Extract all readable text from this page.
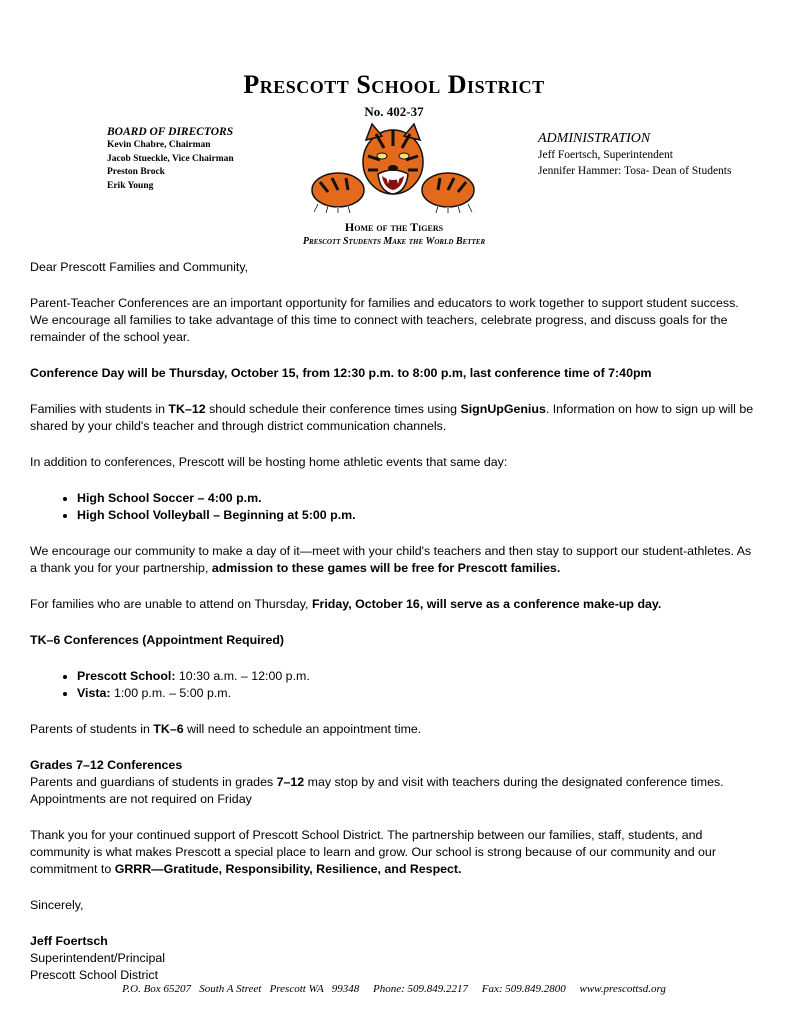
Prescott School District
No. 402-37
BOARD OF DIRECTORS
Kevin Chabre, Chairman
Jacob Stueckle, Vice Chairman
Preston Brock
Erik Young
ADMINISTRATION
Jeff Foertsch, Superintendent
Jennifer Hammer: Tosa- Dean of Students
Home of the Tigers
Prescott Students Make the World Better

Dear Prescott Families and Community,

Parent-Teacher Conferences are an important opportunity for families and educators to work together to support student success. We encourage all families to take advantage of this time to connect with teachers, celebrate progress, and discuss goals for the remainder of the school year.

Conference Day will be Thursday, October 15, from 12:30 p.m. to 8:00 p.m, last conference time of 7:40pm

Families with students in TK–12 should schedule their conference times using SignUpGenius. Information on how to sign up will be shared by your child's teacher and through district communication channels.

In addition to conferences, Prescott will be hosting home athletic events that same day:

• High School Soccer – 4:00 p.m.
• High School Volleyball – Beginning at 5:00 p.m.

We encourage our community to make a day of it—meet with your child's teachers and then stay to support our student-athletes. As a thank you for your partnership, admission to these games will be free for Prescott families.

For families who are unable to attend on Thursday, Friday, October 16, will serve as a conference make-up day.

TK–6 Conferences (Appointment Required)

• Prescott School: 10:30 a.m. – 12:00 p.m.
• Vista: 1:00 p.m. – 5:00 p.m.

Parents of students in TK–6 will need to schedule an appointment time.

Grades 7–12 Conferences

Parents and guardians of students in grades 7–12 may stop by and visit with teachers during the designated conference times. Appointments are not required on Friday

Thank you for your continued support of Prescott School District. The partnership between our families, staff, students, and community is what makes Prescott a special place to learn and grow. Our school is strong because of our community and our commitment to GRRR—Gratitude, Responsibility, Resilience, and Respect.

Sincerely,

Jeff Foertsch

Superintendent/Principal

Prescott School District

P.O. Box 65207   South A Street   Prescott WA   99348     Phone: 509.849.2217     Fax: 509.849.2800     www.prescottsd.org
